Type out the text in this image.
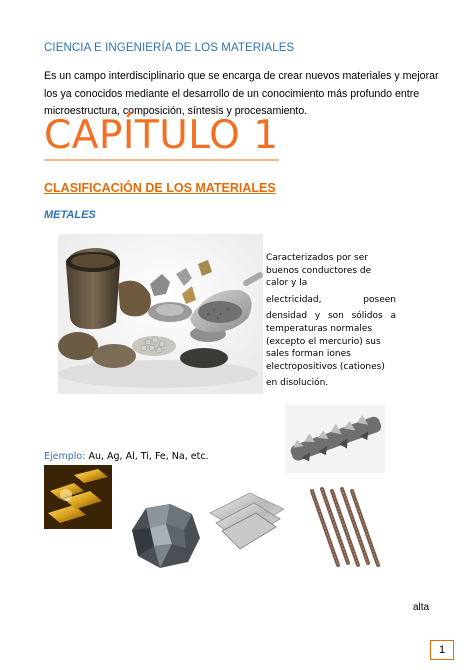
CIENCIA E INGENIERÍA DE LOS MATERIALES
Es un campo interdisciplinario que se encarga de crear nuevos materiales y mejorar los ya conocidos mediante el desarrollo de un conocimiento más profundo entre microestructura, composición, síntesis y procesamiento.
CAPÍTULO 1
CLASIFICACIÓN DE LOS MATERIALES
METALES

Caracterizados por ser buenos conductores de calor y la

electricidad, poseen

densidad y son sólidos a

temperaturas normales (excepto el mercurio) sus sales forman iones electropositivos (cationes)

en disolución.

Ejemplo: Au, Ag, Al, Ti, Fe, Na, etc.
alta
1
